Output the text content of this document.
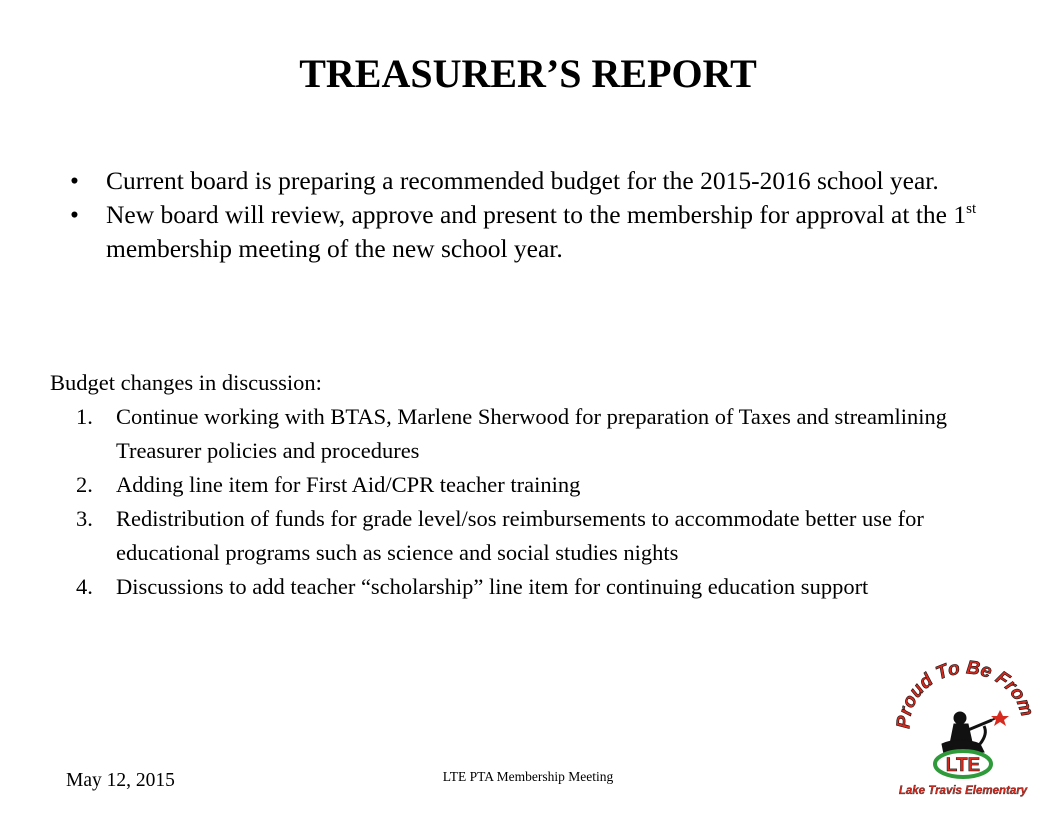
TREASURER’S REPORT
• Current board is preparing a recommended budget for the 2015-2016 school year.
• New board will review, approve and present to the membership for approval at the 1st membership meeting of the new school year.
Budget changes in discussion:
1. Continue working with BTAS, Marlene Sherwood for preparation of Taxes and streamlining Treasurer policies and procedures
2. Adding line item for First Aid/CPR teacher training
3. Redistribution of funds for grade level/sos reimbursements to accommodate better use for educational programs such as science and social studies nights
4. Discussions to add teacher “scholarship” line item for continuing education support
May 12, 2015	LTE PTA Membership Meeting
Proud To Be From
LTE
Lake Travis Elementary
